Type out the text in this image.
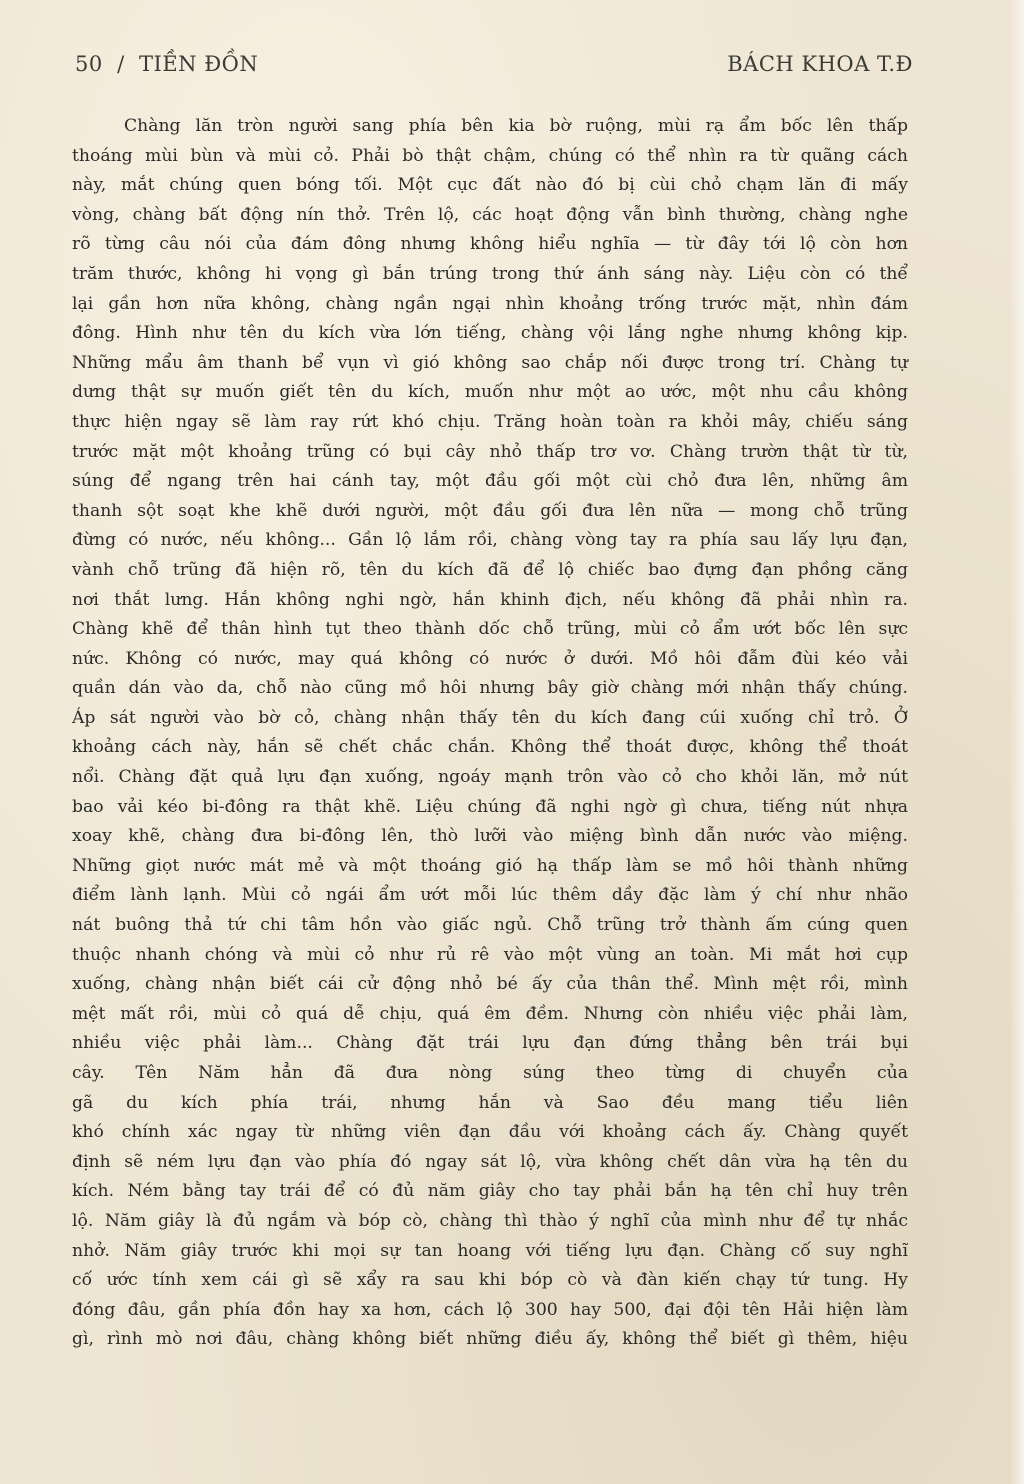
50 / TIỀN ĐỒN	BÁCH KHOA T.Đ
Chàng lăn tròn người sang phía bên kia bờ ruộng, mùi rạ ẩm bốc lên thấp
thoáng mùi bùn và mùi cỏ. Phải bò thật chậm, chúng có thể nhìn ra từ quãng cách
này, mắt chúng quen bóng tối. Một cục đất nào đó bị cùi chỏ chạm lăn đi mấy
vòng, chàng bất động nín thở. Trên lộ, các hoạt động vẫn bình thường, chàng nghe
rõ từng câu nói của đám đông nhưng không hiểu nghĩa — từ đây tới lộ còn hơn
trăm thước, không hi vọng gì bắn trúng trong thứ ánh sáng này. Liệu còn có thể
lại gần hơn nữa không, chàng ngần ngại nhìn khoảng trống trước mặt, nhìn đám
đông. Hình như tên du kích vừa lớn tiếng, chàng vội lắng nghe nhưng không kịp.
Những mẩu âm thanh bể vụn vì gió không sao chắp nối được trong trí. Chàng tự
dưng thật sự muốn giết tên du kích, muốn như một ao ước, một nhu cầu không
thực hiện ngay sẽ làm ray rứt khó chịu. Trăng hoàn toàn ra khỏi mây, chiếu sáng
trước mặt một khoảng trũng có bụi cây nhỏ thấp trơ vơ. Chàng trườn thật từ từ,
súng để ngang trên hai cánh tay, một đầu gối một cùi chỏ đưa lên, những âm
thanh sột soạt khe khẽ dưới người, một đầu gối đưa lên nữa — mong chỗ trũng
đừng có nước, nếu không... Gần lộ lắm rồi, chàng vòng tay ra phía sau lấy lựu đạn,
vành chỗ trũng đã hiện rõ, tên du kích đã để lộ chiếc bao đựng đạn phồng căng
nơi thắt lưng. Hắn không nghi ngờ, hắn khinh địch, nếu không đã phải nhìn ra.
Chàng khẽ để thân hình tụt theo thành dốc chỗ trũng, mùi cỏ ẩm ướt bốc lên sực
nức. Không có nước, may quá không có nước ở dưới. Mồ hôi đẫm đùi kéo vải
quần dán vào da, chỗ nào cũng mồ hôi nhưng bây giờ chàng mới nhận thấy chúng.
Áp sát người vào bờ cỏ, chàng nhận thấy tên du kích đang cúi xuống chỉ trỏ. Ở
khoảng cách này, hắn sẽ chết chắc chắn. Không thể thoát được, không thể thoát
nổi. Chàng đặt quả lựu đạn xuống, ngoáy mạnh trôn vào cỏ cho khỏi lăn, mở nút
bao vải kéo bi-đông ra thật khẽ. Liệu chúng đã nghi ngờ gì chưa, tiếng nút nhựa
xoay khẽ, chàng đưa bi-đông lên, thò lưỡi vào miệng bình dẫn nước vào miệng.
Những giọt nước mát mẻ và một thoáng gió hạ thấp làm se mồ hôi thành những
điểm lành lạnh. Mùi cỏ ngái ẩm ướt mỗi lúc thêm dầy đặc làm ý chí như nhão
nát buông thả tứ chi tâm hồn vào giấc ngủ. Chỗ trũng trở thành ấm cúng quen
thuộc nhanh chóng và mùi cỏ như rủ rê vào một vùng an toàn. Mi mắt hơi cụp
xuống, chàng nhận biết cái cử động nhỏ bé ấy của thân thể. Mình mệt rồi, mình
mệt mất rồi, mùi cỏ quá dễ chịu, quá êm đềm. Nhưng còn nhiều việc phải làm,
nhiều việc phải làm... Chàng đặt trái lựu đạn đứng thẳng bên trái bụi
cây. Tên Năm hẳn đã đưa nòng súng theo từng di chuyển của
gã du kích phía trái, nhưng hắn và Sao đều mang tiểu liên
khó chính xác ngay từ những viên đạn đầu với khoảng cách ấy. Chàng quyết
định sẽ ném lựu đạn vào phía đó ngay sát lộ, vừa không chết dân vừa hạ tên du
kích. Ném bằng tay trái để có đủ năm giây cho tay phải bắn hạ tên chỉ huy trên
lộ. Năm giây là đủ ngắm và bóp cò, chàng thì thào ý nghĩ của mình như để tự nhắc
nhở. Năm giây trước khi mọi sự tan hoang với tiếng lựu đạn. Chàng cố suy nghĩ
cố ước tính xem cái gì sẽ xẩy ra sau khi bóp cò và đàn kiến chạy tứ tung. Hy
đóng đâu, gần phía đồn hay xa hơn, cách lộ 300 hay 500, đại đội tên Hải hiện làm
gì, rình mò nơi đâu, chàng không biết những điều ấy, không thể biết gì thêm, hiệu
